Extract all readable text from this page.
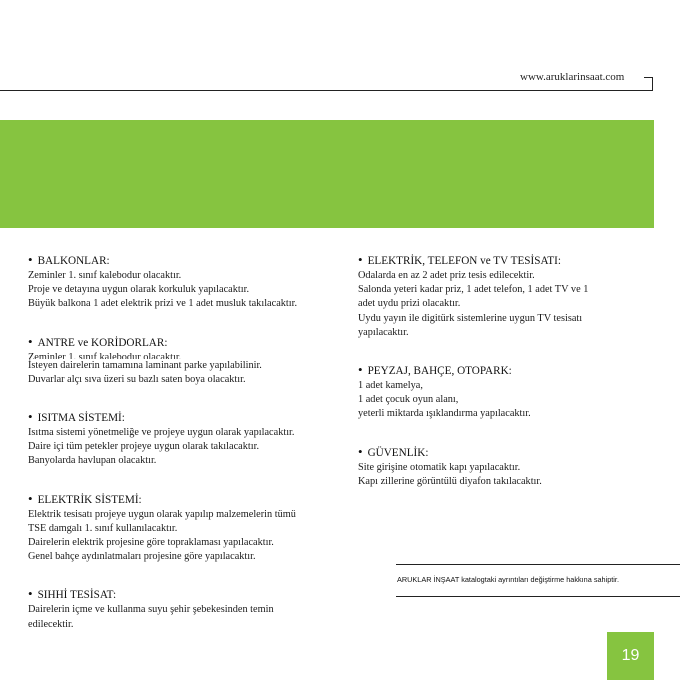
www.aruklarinsaat.com
• BALKONLAR:
Zeminler 1. sınıf kalebodur olacaktır.
Proje ve detayına uygun olarak korkuluk yapılacaktır.
Büyük balkona 1 adet elektrik prizi ve 1 adet musluk takılacaktır.
• ANTRE ve KORİDORLAR:
Zeminler 1. sınıf kalebodur olacaktır.
İsteyen dairelerin tamamına laminant parke yapılabilinir.
Duvarlar alçı sıva üzeri su bazlı saten boya olacaktır.
• ISITMA SİSTEMİ:
Isıtma sistemi yönetmeliğe ve projeye uygun olarak yapılacaktır.
Daire içi tüm petekler projeye uygun olarak takılacaktır.
Banyolarda havlupan olacaktır.
• ELEKTRİK SİSTEMİ:
Elektrik tesisatı projeye uygun olarak yapılıp malzemelerin tümü
TSE damgalı 1. sınıf kullanılacaktır.
Dairelerin elektrik projesine göre topraklaması yapılacaktır.
Genel bahçe aydınlatmaları projesine göre yapılacaktır.
• SIHHİ TESİSAT:
Dairelerin içme ve kullanma suyu şehir şebekesinden temin
edilecektir.
• ELEKTRİK, TELEFON ve TV TESİSATI:
Odalarda en az 2 adet priz tesis edilecektir.
Salonda yeteri kadar priz, 1 adet telefon, 1 adet TV ve 1
adet uydu prizi olacaktır.
Uydu yayın ile digitürk sistemlerine uygun TV tesisatı
yapılacaktır.
• PEYZAJ, BAHÇE, OTOPARK:
1 adet kamelya,
1 adet çocuk oyun alanı,
yeterli miktarda ışıklandırma yapılacaktır.
• GÜVENLİK:
Site girişine otomatik kapı yapılacaktır.
Kapı zillerine görüntülü diyafon takılacaktır.
ARUKLAR İNŞAAT katalogtaki ayrıntıları değiştirme hakkına sahiptir.
19
